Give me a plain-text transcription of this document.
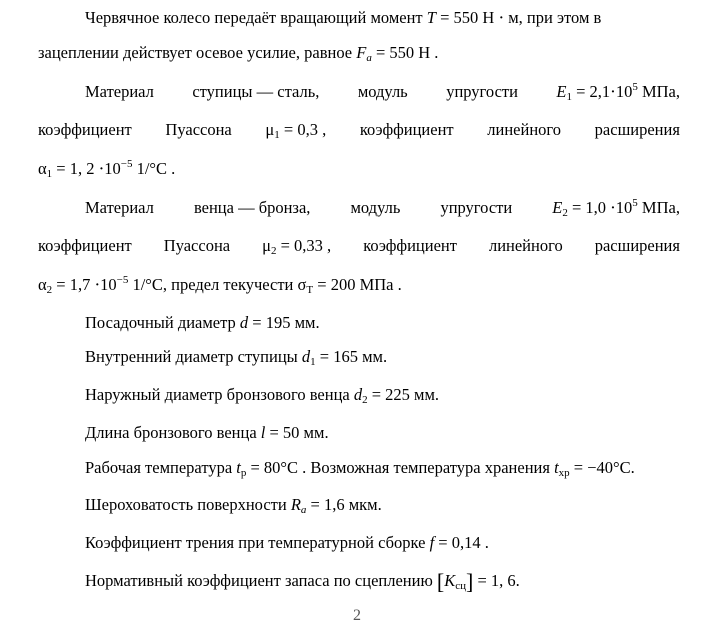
Червячное колесо передаёт вращающий момент T = 550 Н ⋅ м, при этом в
зацеплении действует осевое усилие, равное $F_a = 550$ Н .
Материал ступицы — сталь, модуль упругости $E_1 = 2,1\cdot 10^5$ МПа,
коэффициент Пуассона $\mu_1 = 0,3$ , коэффициент линейного расширения
$\alpha_1 = 1$, $2 \cdot 10^{-5}$ 1/°С .
Материал венца — бронза, модуль упругости $E_2 = 1,0 \cdot 10^5$ МПа,
коэффициент Пуассона $\mu_2 = 0,33$ , коэффициент линейного расширения
$\alpha_2 = 1,7 \cdot 10^{-5}$ 1/°С, предел текучести $\sigma_Т = 200$ МПа .
Посадочный диаметр d = 195 мм.
Внутренний диаметр ступицы $d_1 = 165$ мм.
Наружный диаметр бронзового венца $d_2 = 225$ мм.
Длина бронзового венца l = 50 мм.
Рабочая температура $t_р = 80^\circ С$ . Возможная температура хранения $t_{хр} = -40^\circ С$.
Шероховатость поверхности $R_a = 1,6$ мкм.
Коэффициент трения при температурной сборке f = 0,14 .
Нормативный коэффициент запаса по сцеплению $[K_{сц}] = 1$, 6.
2
